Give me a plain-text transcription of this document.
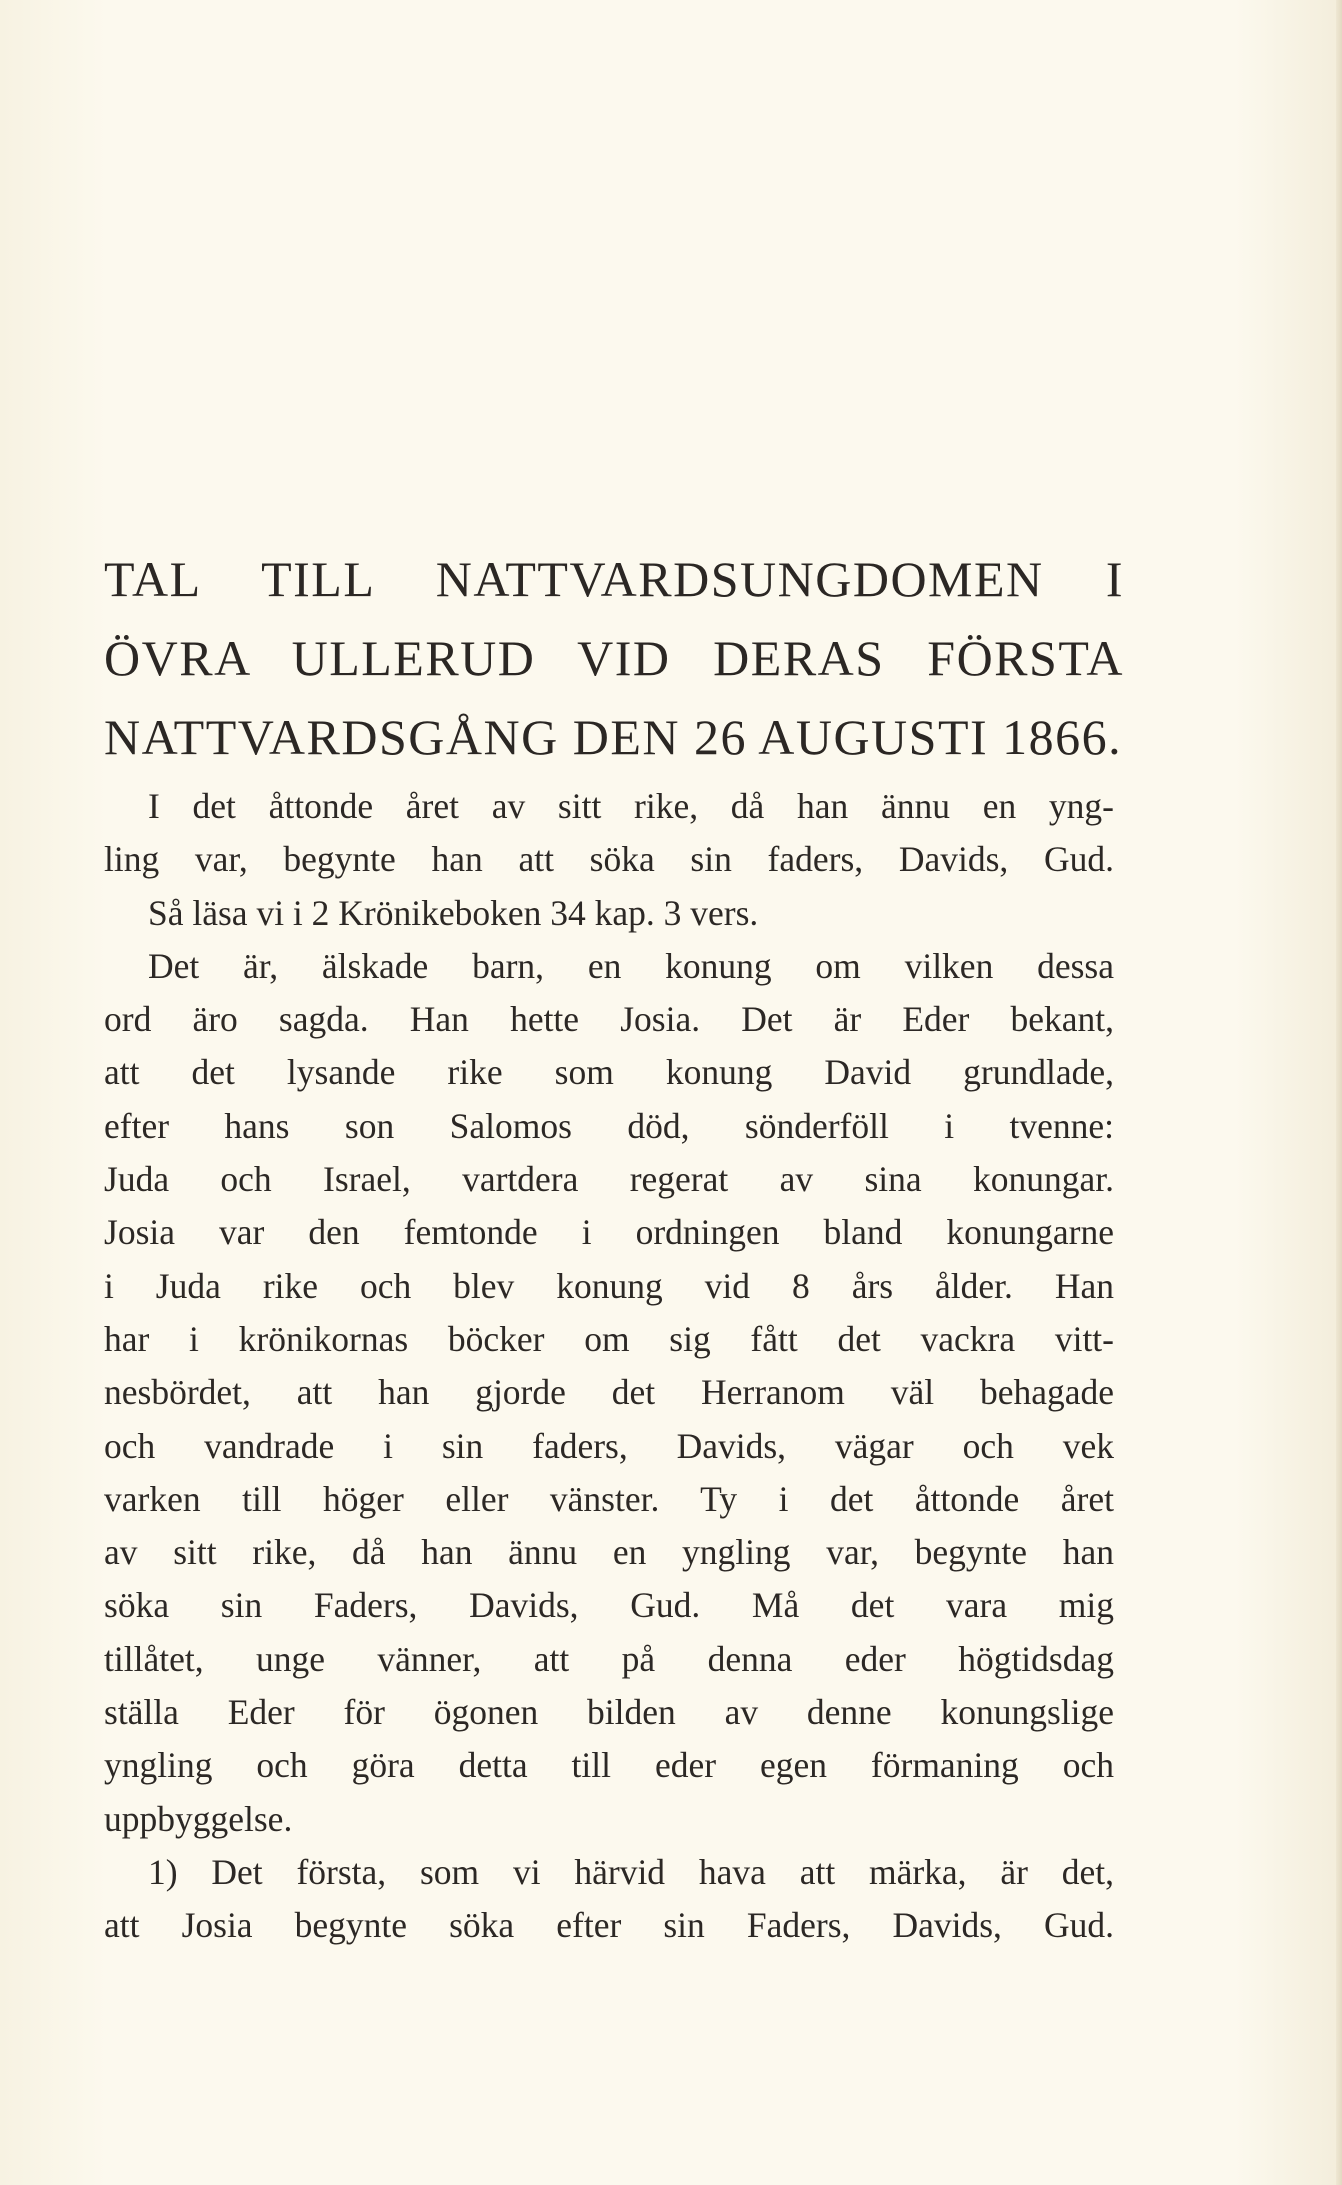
TAL TILL NATTVARDSUNGDOMEN I
ÖVRA ULLERUD VID DERAS FÖRSTA
NATTVARDSGÅNG DEN 26 AUGUSTI 1866.
I det åttonde året av sitt rike, då han ännu en yng-
ling var, begynte han att söka sin faders, Davids, Gud.
Så läsa vi i 2 Krönikeboken 34 kap. 3 vers.
Det är, älskade barn, en konung om vilken dessa
ord äro sagda. Han hette Josia. Det är Eder bekant,
att det lysande rike som konung David grundlade,
efter hans son Salomos död, sönderföll i tvenne:
Juda och Israel, vartdera regerat av sina konungar.
Josia var den femtonde i ordningen bland konungarne
i Juda rike och blev konung vid 8 års ålder. Han
har i krönikornas böcker om sig fått det vackra vitt-
nesbördet, att han gjorde det Herranom väl behagade
och vandrade i sin faders, Davids, vägar och vek
varken till höger eller vänster. Ty i det åttonde året
av sitt rike, då han ännu en yngling var, begynte han
söka sin Faders, Davids, Gud. Må det vara mig
tillåtet, unge vänner, att på denna eder högtidsdag
ställa Eder för ögonen bilden av denne konungslige
yngling och göra detta till eder egen förmaning och
uppbyggelse.
1) Det första, som vi härvid hava att märka, är det,
att Josia begynte söka efter sin Faders, Davids, Gud.
